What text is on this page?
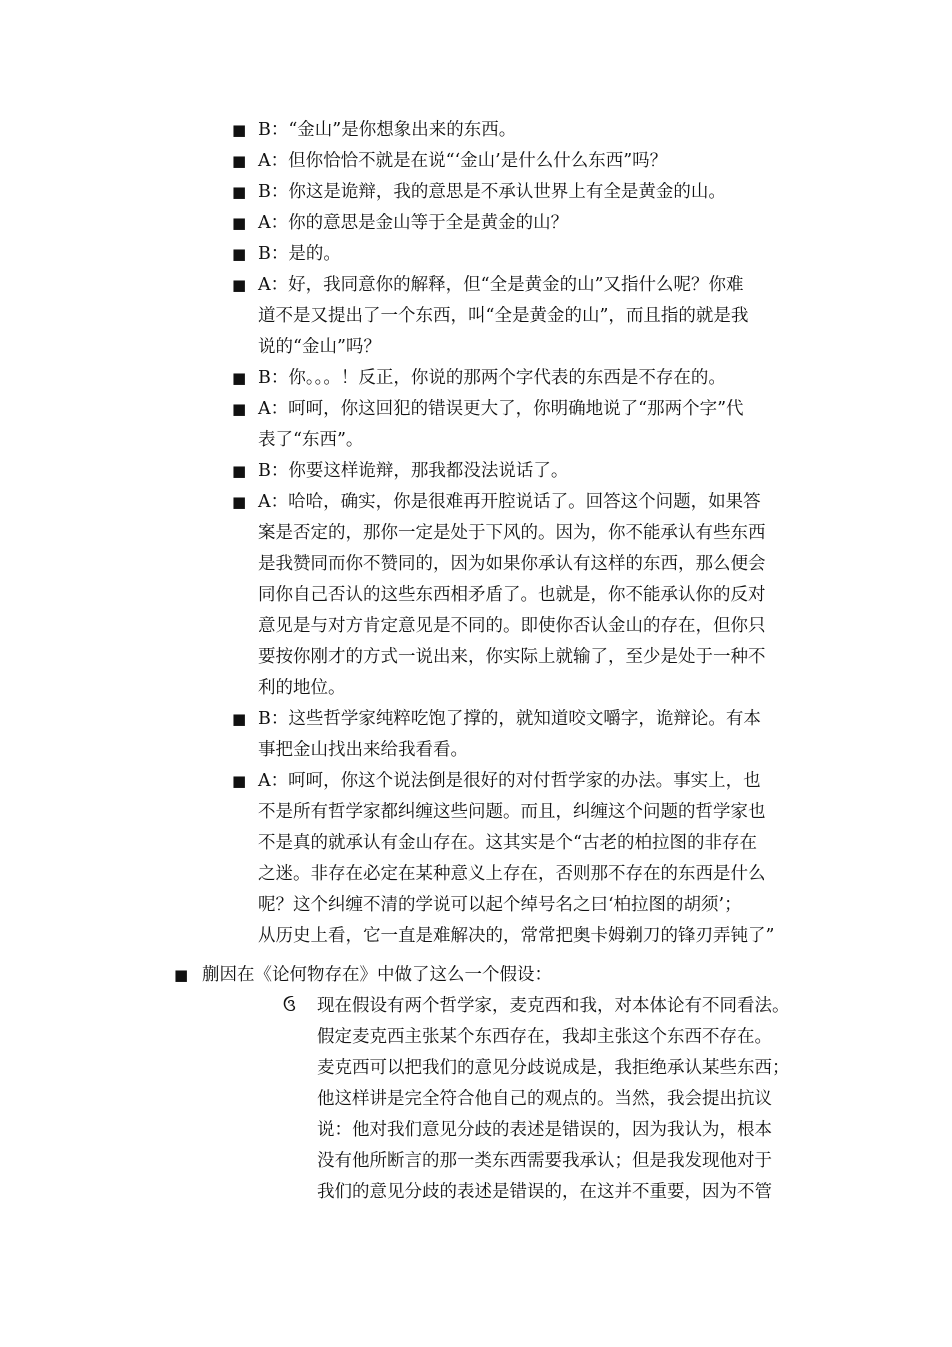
■ B：“金山”是你想象出来的东西。
■ A：但你恰恰不就是在说“‘金山’是什么什么东西”吗？
■ B：你这是诡辩，我的意思是不承认世界上有全是黄金的山。
■ A：你的意思是金山等于全是黄金的山？
■ B：是的。
■ A：好，我同意你的解释，但“全是黄金的山”又指什么呢？你难
道不是又提出了一个东西，叫“全是黄金的山”，而且指的就是我
说的“金山”吗？
■ B：你。。。！反正，你说的那两个字代表的东西是不存在的。
■ A：呵呵，你这回犯的错误更大了，你明确地说了“那两个字”代
表了“东西”。
■ B：你要这样诡辩，那我都没法说话了。
■ A：哈哈，确实，你是很难再开腔说话了。回答这个问题，如果答
案是否定的，那你一定是处于下风的。因为，你不能承认有些东西
是我赞同而你不赞同的，因为如果你承认有这样的东西，那么便会
同你自己否认的这些东西相矛盾了。也就是，你不能承认你的反对
意见是与对方肯定意见是不同的。即使你否认金山的存在，但你只
要按你刚才的方式一说出来，你实际上就输了，至少是处于一种不
利的地位。
■ B：这些哲学家纯粹吃饱了撑的，就知道咬文嚼字，诡辩论。有本
事把金山找出来给我看看。
■ A：呵呵，你这个说法倒是很好的对付哲学家的办法。事实上，也
不是所有哲学家都纠缠这些问题。而且，纠缠这个问题的哲学家也
不是真的就承认有金山存在。这其实是个“古老的柏拉图的非存在
之迷。非存在必定在某种意义上存在，否则那不存在的东西是什么
呢？这个纠缠不清的学说可以起个绰号名之曰‘柏拉图的胡须’；
从历史上看，它一直是难解决的，常常把奥卡姆剃刀的锋刃弄钝了”
■ 蒯因在《论何物存在》中做了这么一个假设：
ઉ 现在假设有两个哲学家，麦克西和我，对本体论有不同看法。
假定麦克西主张某个东西存在，我却主张这个东西不存在。
麦克西可以把我们的意见分歧说成是，我拒绝承认某些东西；
他这样讲是完全符合他自己的观点的。当然，我会提出抗议
说：他对我们意见分歧的表述是错误的，因为我认为，根本
没有他所断言的那一类东西需要我承认；但是我发现他对于
我们的意见分歧的表述是错误的，在这并不重要，因为不管
